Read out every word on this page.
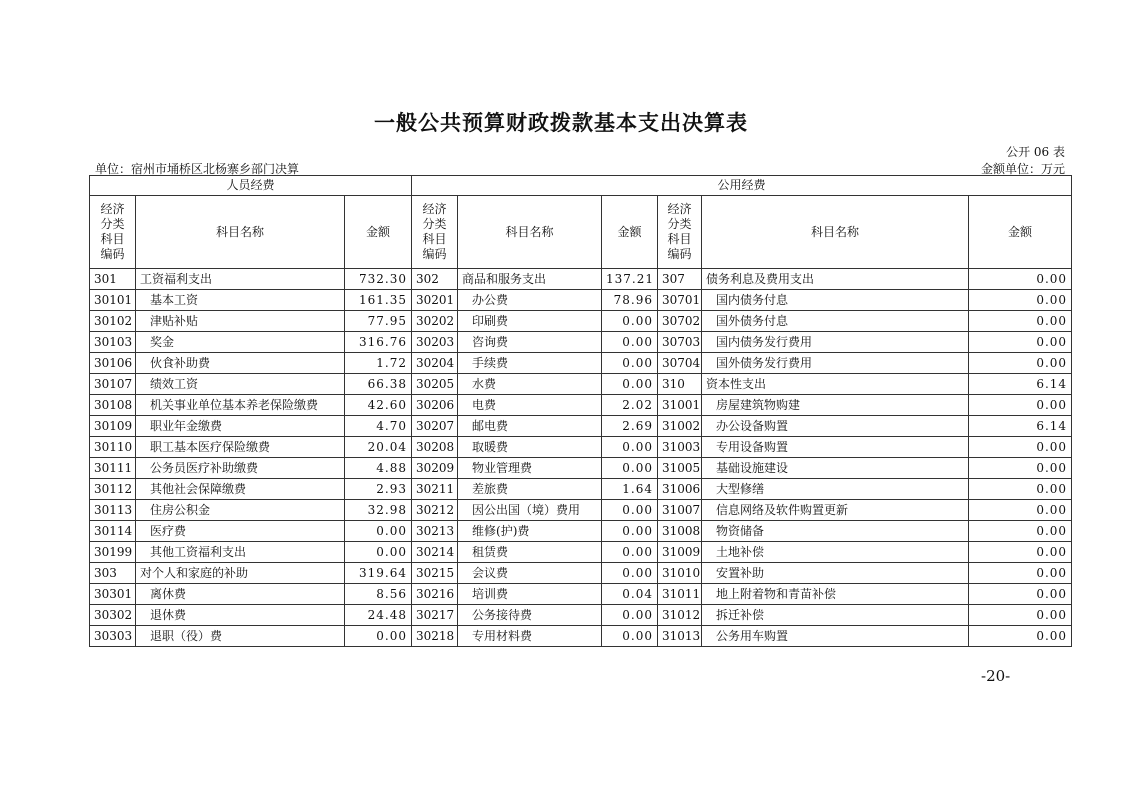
一般公共预算财政拨款基本支出决算表
公开 06 表
单位：宿州市埇桥区北杨寨乡部门决算	金额单位：万元
人员经费			公用经费					
经济
分类
科目
编码	科目名称	金额	经济
分类
科目
编码	科目名称	金额	经济
分类
科目
编码	科目名称	金额
301	工资福利支出	732.30	302	商品和服务支出	137.21	307	债务利息及费用支出	0.00
30101	基本工资	161.35	30201	办公费	78.96	30701	国内债务付息	0.00
30102	津贴补贴	77.95	30202	印刷费	0.00	30702	国外债务付息	0.00
30103	奖金	316.76	30203	咨询费	0.00	30703	国内债务发行费用	0.00
30106	伙食补助费	1.72	30204	手续费	0.00	30704	国外债务发行费用	0.00
30107	绩效工资	66.38	30205	水费	0.00	310	资本性支出	6.14
30108	机关事业单位基本养老保险缴费	42.60	30206	电费	2.02	31001	房屋建筑物购建	0.00
30109	职业年金缴费	4.70	30207	邮电费	2.69	31002	办公设备购置	6.14
30110	职工基本医疗保险缴费	20.04	30208	取暖费	0.00	31003	专用设备购置	0.00
30111	公务员医疗补助缴费	4.88	30209	物业管理费	0.00	31005	基础设施建设	0.00
30112	其他社会保障缴费	2.93	30211	差旅费	1.64	31006	大型修缮	0.00
30113	住房公积金	32.98	30212	因公出国（境）费用	0.00	31007	信息网络及软件购置更新	0.00
30114	医疗费	0.00	30213	维修(护)费	0.00	31008	物资储备	0.00
30199	其他工资福利支出	0.00	30214	租赁费	0.00	31009	土地补偿	0.00
303	对个人和家庭的补助	319.64	30215	会议费	0.00	31010	安置补助	0.00
30301	离休费	8.56	30216	培训费	0.04	31011	地上附着物和青苗补偿	0.00
30302	退休费	24.48	30217	公务接待费	0.00	31012	拆迁补偿	0.00
30303	退职（役）费	0.00	30218	专用材料费	0.00	31013	公务用车购置	0.00
-20-
